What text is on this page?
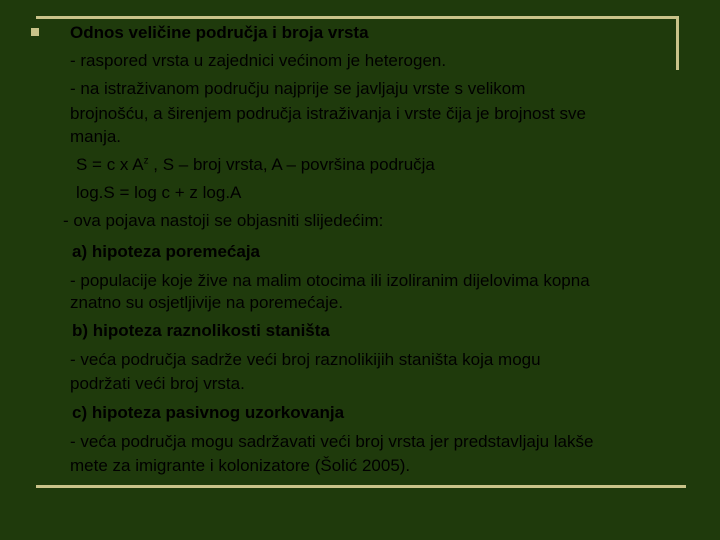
Odnos veličine područja i broja vrsta
- raspored vrsta u zajednici većinom je heterogen.
- na istraživanom području najprije se javljaju vrste s velikom
brojnošću, a širenjem područja istraživanja i vrste čija je brojnost sve
manja.
S = c x $A^z$ , S – broj vrsta, A – površina područja
log.S = log c + z log.A
- ova pojava nastoji se objasniti slijedećim:
a) hipoteza poremećaja
- populacije koje žive na malim otocima ili izoliranim dijelovima kopna
znatno su osjetljivije na poremećaje.
b) hipoteza raznolikosti staništa
- veća područja sadrže veći broj raznolikijih staništa koja mogu
podržati veći broj vrsta.
c) hipoteza pasivnog uzorkovanja
- veća područja mogu sadržavati veći broj vrsta jer predstavljaju lakše
mete za imigrante i kolonizatore (Šolić 2005).
